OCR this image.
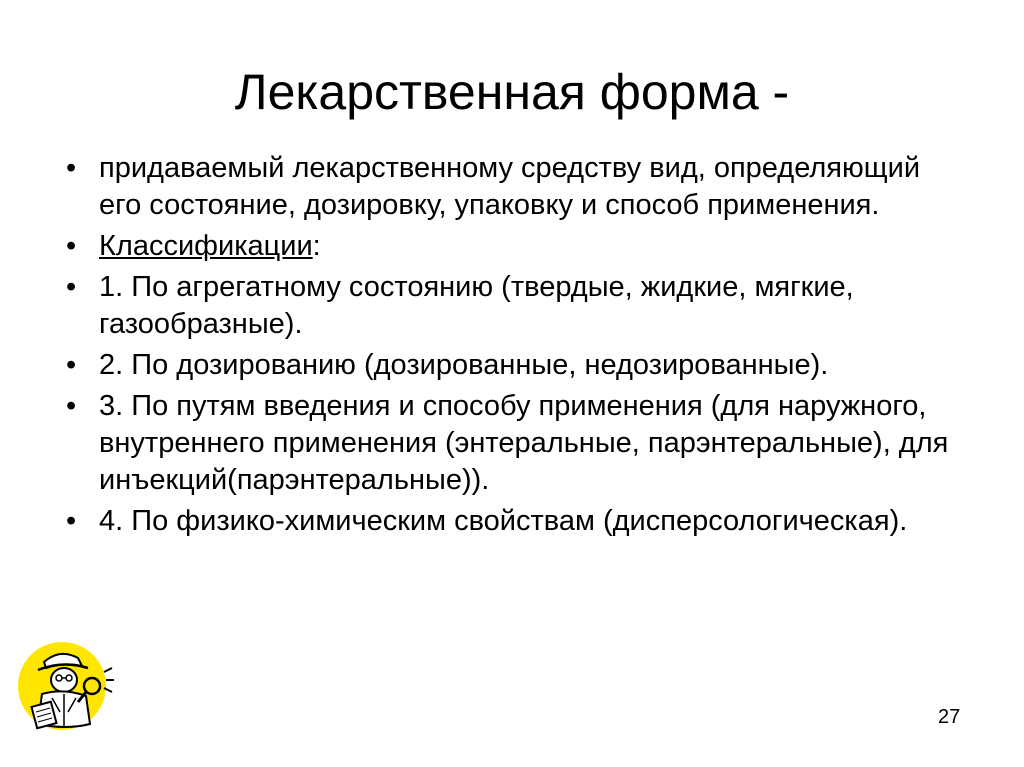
Лекарственная форма -
• придаваемый лекарственному средству вид, определяющий его состояние, дозировку, упаковку и способ применения.
• Классификации:
• 1. По агрегатному состоянию (твердые, жидкие, мягкие, газообразные).
• 2. По дозированию (дозированные, недозированные).
• 3. По путям введения и способу применения (для наружного, внутреннего применения (энтеральные, парэнтеральные), для инъекций(парэнтеральные)).
• 4. По физико-химическим свойствам (дисперсологическая).
27
